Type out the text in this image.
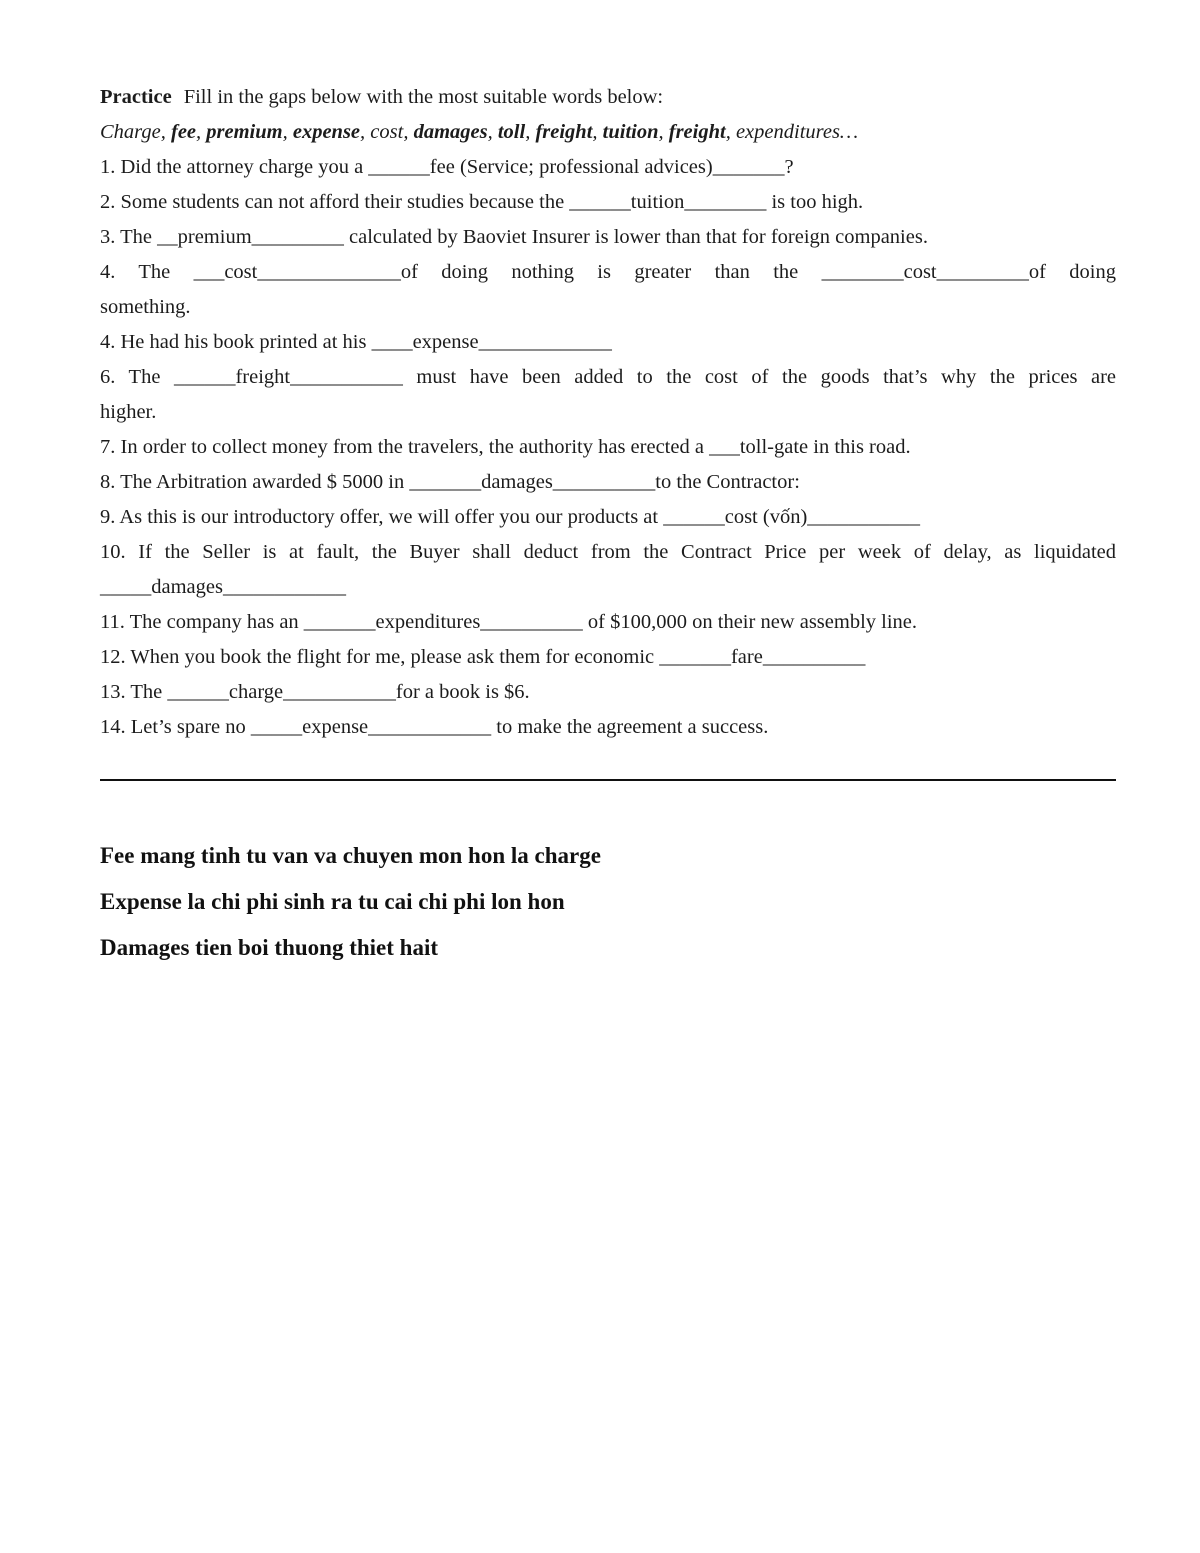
Practice Fill in the gaps below with the most suitable words below:
Charge, fee, premium, expense, cost, damages, toll, freight, tuition, freight, expenditures…
1. Did the attorney charge you a ______fee (Service; professional advices)_______?
2. Some students can not afford their studies because the ______tuition________ is too high.
3. The __premium_________ calculated by Baoviet Insurer is lower than that for foreign companies.
4. The ___cost______________of doing nothing is greater than the ________cost_________of doing
something.
4. He had his book printed at his ____expense_____________
6. The ______freight___________ must have been added to the cost of the goods that’s why the prices are
higher.
7. In order to collect money from the travelers, the authority has erected a ___toll-gate in this road.
8. The Arbitration awarded $ 5000 in _______damages__________to the Contractor:
9. As this is our introductory offer, we will offer you our products at ______cost (vốn)___________
10. If the Seller is at fault, the Buyer shall deduct from the Contract Price per week of delay, as liquidated
_____damages____________
11. The company has an _______expenditures__________ of $100,000 on their new assembly line.
12. When you book the flight for me, please ask them for economic _______fare__________
13. The ______charge___________for a book is $6.
14. Let’s spare no _____expense____________ to make the agreement a success.
Fee mang tinh tu van va chuyen mon hon la charge
Expense la chi phi sinh ra tu cai chi phi lon hon
Damages tien boi thuong thiet hait
